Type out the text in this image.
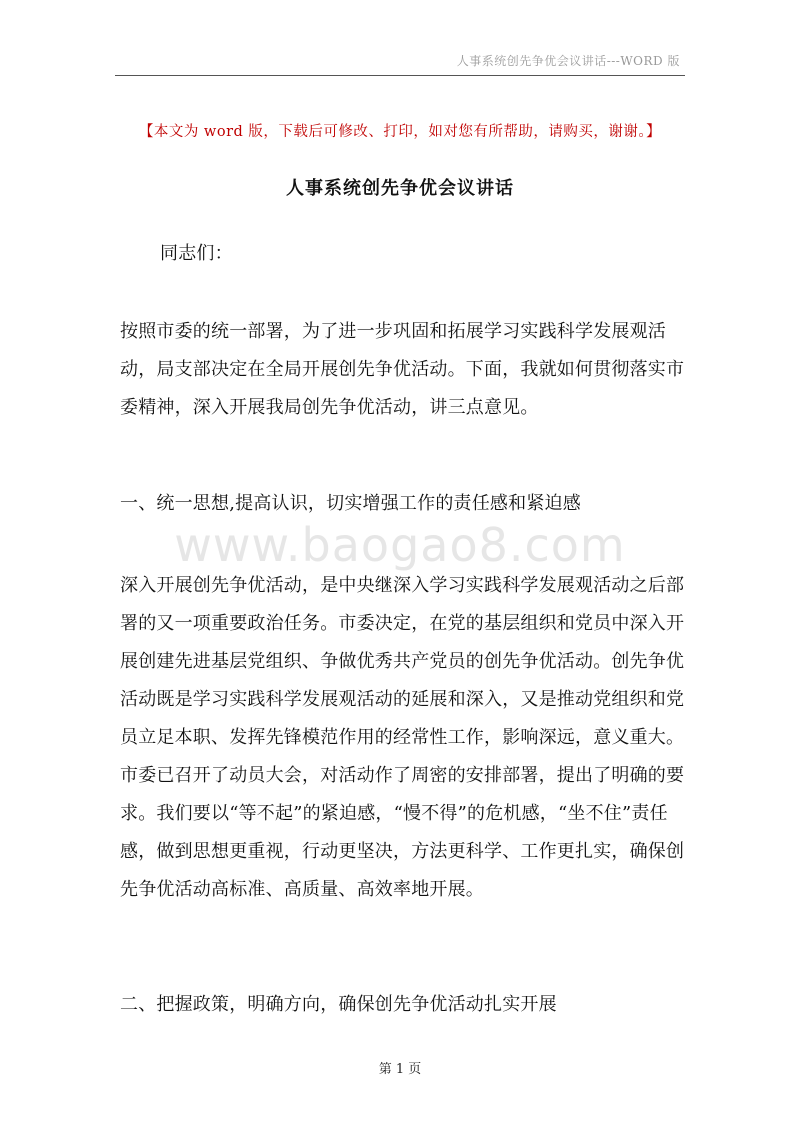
人事系统创先争优会议讲话---WORD 版
【本文为 word 版，下载后可修改、打印，如对您有所帮助，请购买，谢谢。】
人事系统创先争优会议讲话

同志们：

按照市委的统一部署，为了进一步巩固和拓展学习实践科学发展观活动，局支部决定在全局开展创先争优活动。下面，我就如何贯彻落实市委精神，深入开展我局创先争优活动，讲三点意见。

一、统一思想,提高认识，切实增强工作的责任感和紧迫感

www.baogao8.com

深入开展创先争优活动，是中央继深入学习实践科学发展观活动之后部署的又一项重要政治任务。市委决定，在党的基层组织和党员中深入开展创建先进基层党组织、争做优秀共产党员的创先争优活动。创先争优活动既是学习实践科学发展观活动的延展和深入，又是推动党组织和党员立足本职、发挥先锋模范作用的经常性工作，影响深远，意义重大。市委已召开了动员大会，对活动作了周密的安排部署，提出了明确的要求。我们要以“等不起”的紧迫感，“慢不得”的危机感，“坐不住”责任感，做到思想更重视，行动更坚决，方法更科学、工作更扎实，确保创先争优活动高标准、高质量、高效率地开展。

二、把握政策，明确方向，确保创先争优活动扎实开展

第 1 页
